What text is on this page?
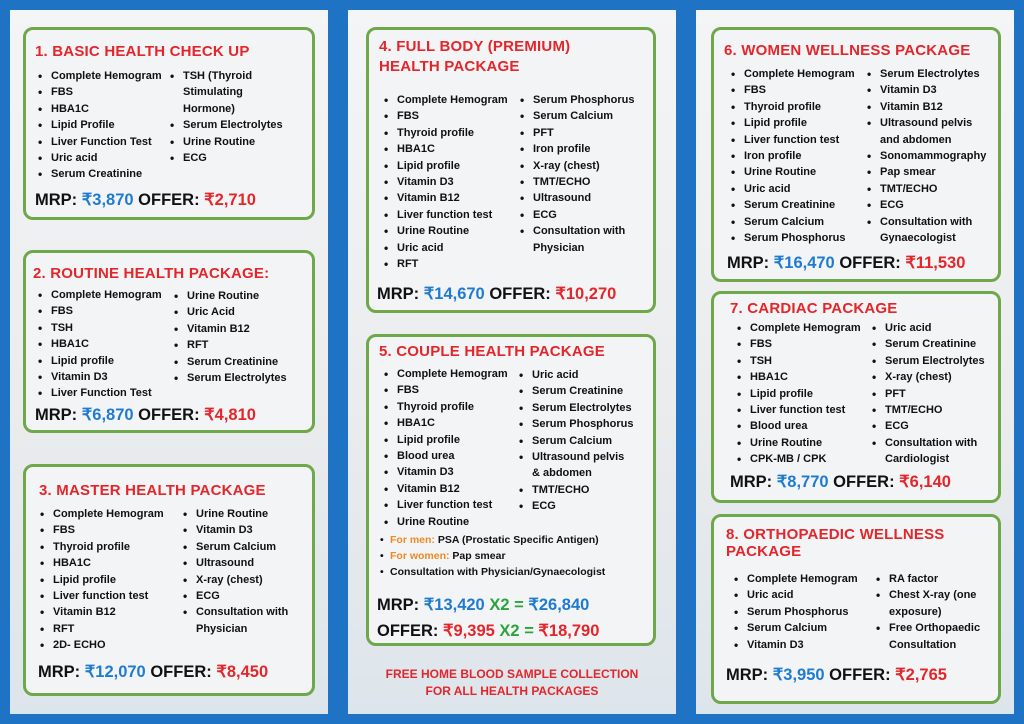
1. BASIC HEALTH CHECK UP
• Complete Hemogram
• FBS
• HBA1C
• Lipid Profile
• Liver Function Test
• Uric acid
• Serum Creatinine
• TSH (Thyroid
Stimulating
Hormone)
• Serum Electrolytes
• Urine Routine
• ECG
MRP: ₹3,870 OFFER: ₹2,710
2. ROUTINE HEALTH PACKAGE:
• Complete Hemogram
• FBS
• TSH
• HBA1C
• Lipid profile
• Vitamin D3
• Liver Function Test
• Urine Routine
• Uric Acid
• Vitamin B12
• RFT
• Serum Creatinine
• Serum Electrolytes
MRP: ₹6,870 OFFER: ₹4,810
3. MASTER HEALTH PACKAGE
• Complete Hemogram
• FBS
• Thyroid profile
• HBA1C
• Lipid profile
• Liver function test
• Vitamin B12
• RFT
• 2D- ECHO
• Urine Routine
• Vitamin D3
• Serum Calcium
• Ultrasound
• X-ray (chest)
• ECG
• Consultation with
Physician
MRP: ₹12,070 OFFER: ₹8,450
4. FULL BODY (PREMIUM)
HEALTH PACKAGE
• Complete Hemogram
• FBS
• Thyroid profile
• HBA1C
• Lipid profile
• Vitamin D3
• Vitamin B12
• Liver function test
• Urine Routine
• Uric acid
• RFT
• Serum Phosphorus
• Serum Calcium
• PFT
• Iron profile
• X-ray (chest)
• TMT/ECHO
• Ultrasound
• ECG
• Consultation with
Physician
MRP: ₹14,670 OFFER: ₹10,270
5. COUPLE HEALTH PACKAGE
• Complete Hemogram
• FBS
• Thyroid profile
• HBA1C
• Lipid profile
• Blood urea
• Vitamin D3
• Vitamin B12
• Liver function test
• Urine Routine
• Uric acid
• Serum Creatinine
• Serum Electrolytes
• Serum Phosphorus
• Serum Calcium
• Ultrasound pelvis
& abdomen
• TMT/ECHO
• ECG
• For men: PSA (Prostatic Specific Antigen)
• For women: Pap smear
• Consultation with Physician/Gynaecologist
MRP: ₹13,420 X2 = ₹26,840
OFFER: ₹9,395 X2 = ₹18,790
FREE HOME BLOOD SAMPLE COLLECTION
FOR ALL HEALTH PACKAGES
6. WOMEN WELLNESS PACKAGE
• Complete Hemogram
• FBS
• Thyroid profile
• Lipid profile
• Liver function test
• Iron profile
• Urine Routine
• Uric acid
• Serum Creatinine
• Serum Calcium
• Serum Phosphorus
• Serum Electrolytes
• Vitamin D3
• Vitamin B12
• Ultrasound pelvis
and abdomen
• Sonomammography
• Pap smear
• TMT/ECHO
• ECG
• Consultation with
Gynaecologist
MRP: ₹16,470 OFFER: ₹11,530
7. CARDIAC PACKAGE
• Complete Hemogram
• FBS
• TSH
• HBA1C
• Lipid profile
• Liver function test
• Blood urea
• Urine Routine
• CPK-MB / CPK
• Uric acid
• Serum Creatinine
• Serum Electrolytes
• X-ray (chest)
• PFT
• TMT/ECHO
• ECG
• Consultation with
Cardiologist
MRP: ₹8,770 OFFER: ₹6,140
8. ORTHOPAEDIC WELLNESS
PACKAGE
• Complete Hemogram
• Uric acid
• Serum Phosphorus
• Serum Calcium
• Vitamin D3
• RA factor
• Chest X-ray (one
exposure)
• Free Orthopaedic
Consultation
MRP: ₹3,950 OFFER: ₹2,765
